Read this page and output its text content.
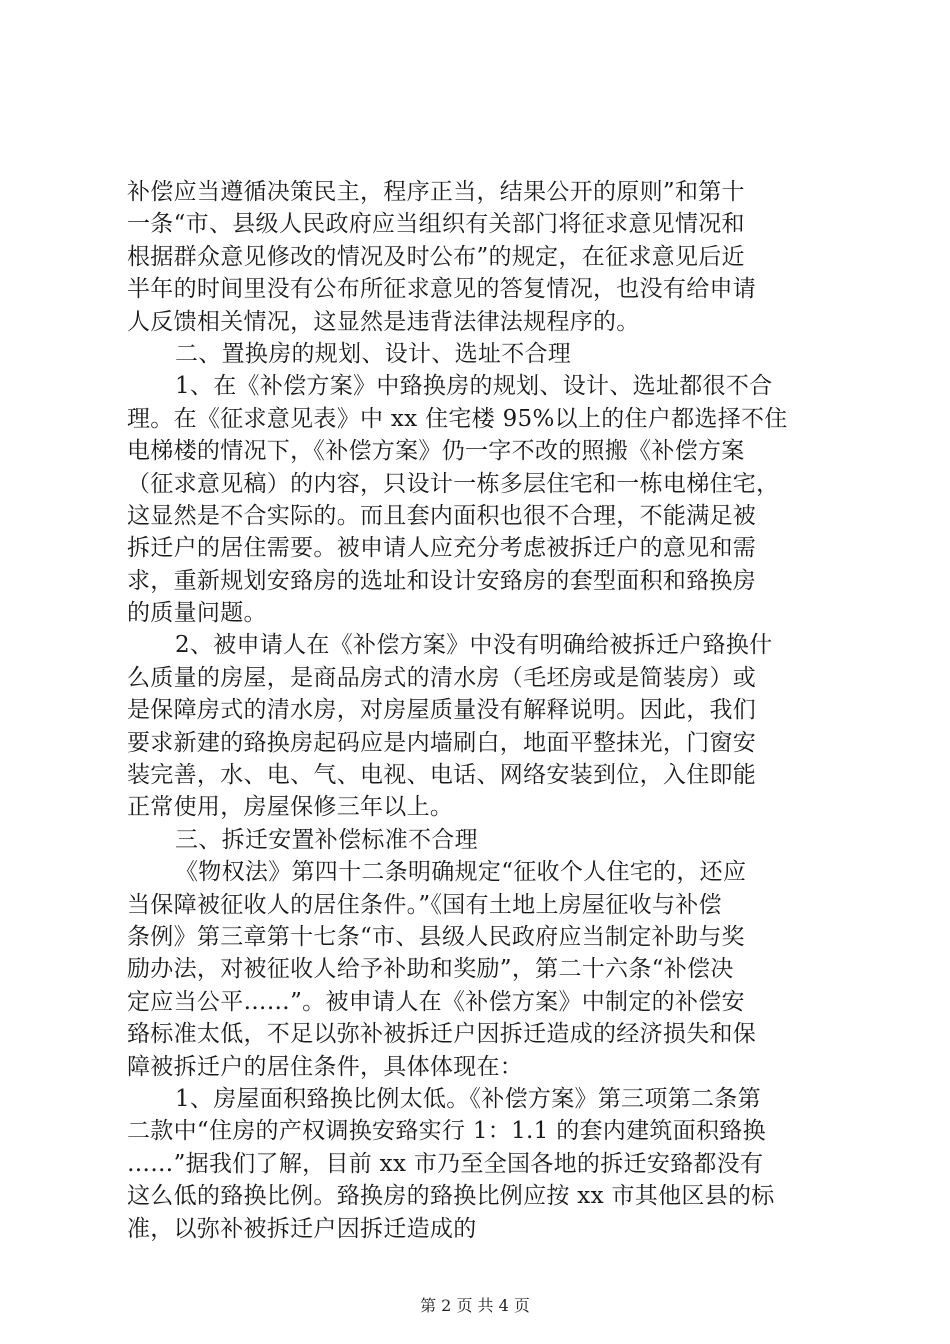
补偿应当遵循决策民主，程序正当，结果公开的原则”和第十
一条“市、县级人民政府应当组织有关部门将征求意见情况和
根据群众意见修改的情况及时公布”的规定，在征求意见后近
半年的时间里没有公布所征求意见的答复情况，也没有给申请
人反馈相关情况，这显然是违背法律法规程序的。
二、置换房的规划、设计、选址不合理
1、在《补偿方案》中臵换房的规划、设计、选址都很不合
理。在《征求意见表》中 xx 住宅楼 95%以上的住户都选择不住
电梯楼的情况下，《补偿方案》仍一字不改的照搬《补偿方案
（征求意见稿）的内容，只设计一栋多层住宅和一栋电梯住宅，
这显然是不合实际的。而且套内面积也很不合理，不能满足被
拆迁户的居住需要。被申请人应充分考虑被拆迁户的意见和需
求，重新规划安臵房的选址和设计安臵房的套型面积和臵换房
的质量问题。
2、被申请人在《补偿方案》中没有明确给被拆迁户臵换什
么质量的房屋，是商品房式的清水房（毛坯房或是简装房）或
是保障房式的清水房，对房屋质量没有解释说明。因此，我们
要求新建的臵换房起码应是内墙刷白，地面平整抹光，门窗安
装完善，水、电、气、电视、电话、网络安装到位，入住即能
正常使用，房屋保修三年以上。
三、拆迁安置补偿标准不合理
《物权法》第四十二条明确规定“征收个人住宅的，还应
当保障被征收人的居住条件。”《国有土地上房屋征收与补偿
条例》第三章第十七条“市、县级人民政府应当制定补助与奖
励办法，对被征收人给予补助和奖励”，第二十六条“补偿决
定应当公平……”。被申请人在《补偿方案》中制定的补偿安
臵标准太低，不足以弥补被拆迁户因拆迁造成的经济损失和保
障被拆迁户的居住条件，具体体现在：
1、房屋面积臵换比例太低。《补偿方案》第三项第二条第
二款中“住房的产权调换安臵实行 1：1.1 的套内建筑面积臵换
……”据我们了解，目前 xx 市乃至全国各地的拆迁安臵都没有
这么低的臵换比例。臵换房的臵换比例应按 xx 市其他区县的标
准，以弥补被拆迁户因拆迁造成的
第 2 页 共 4 页
